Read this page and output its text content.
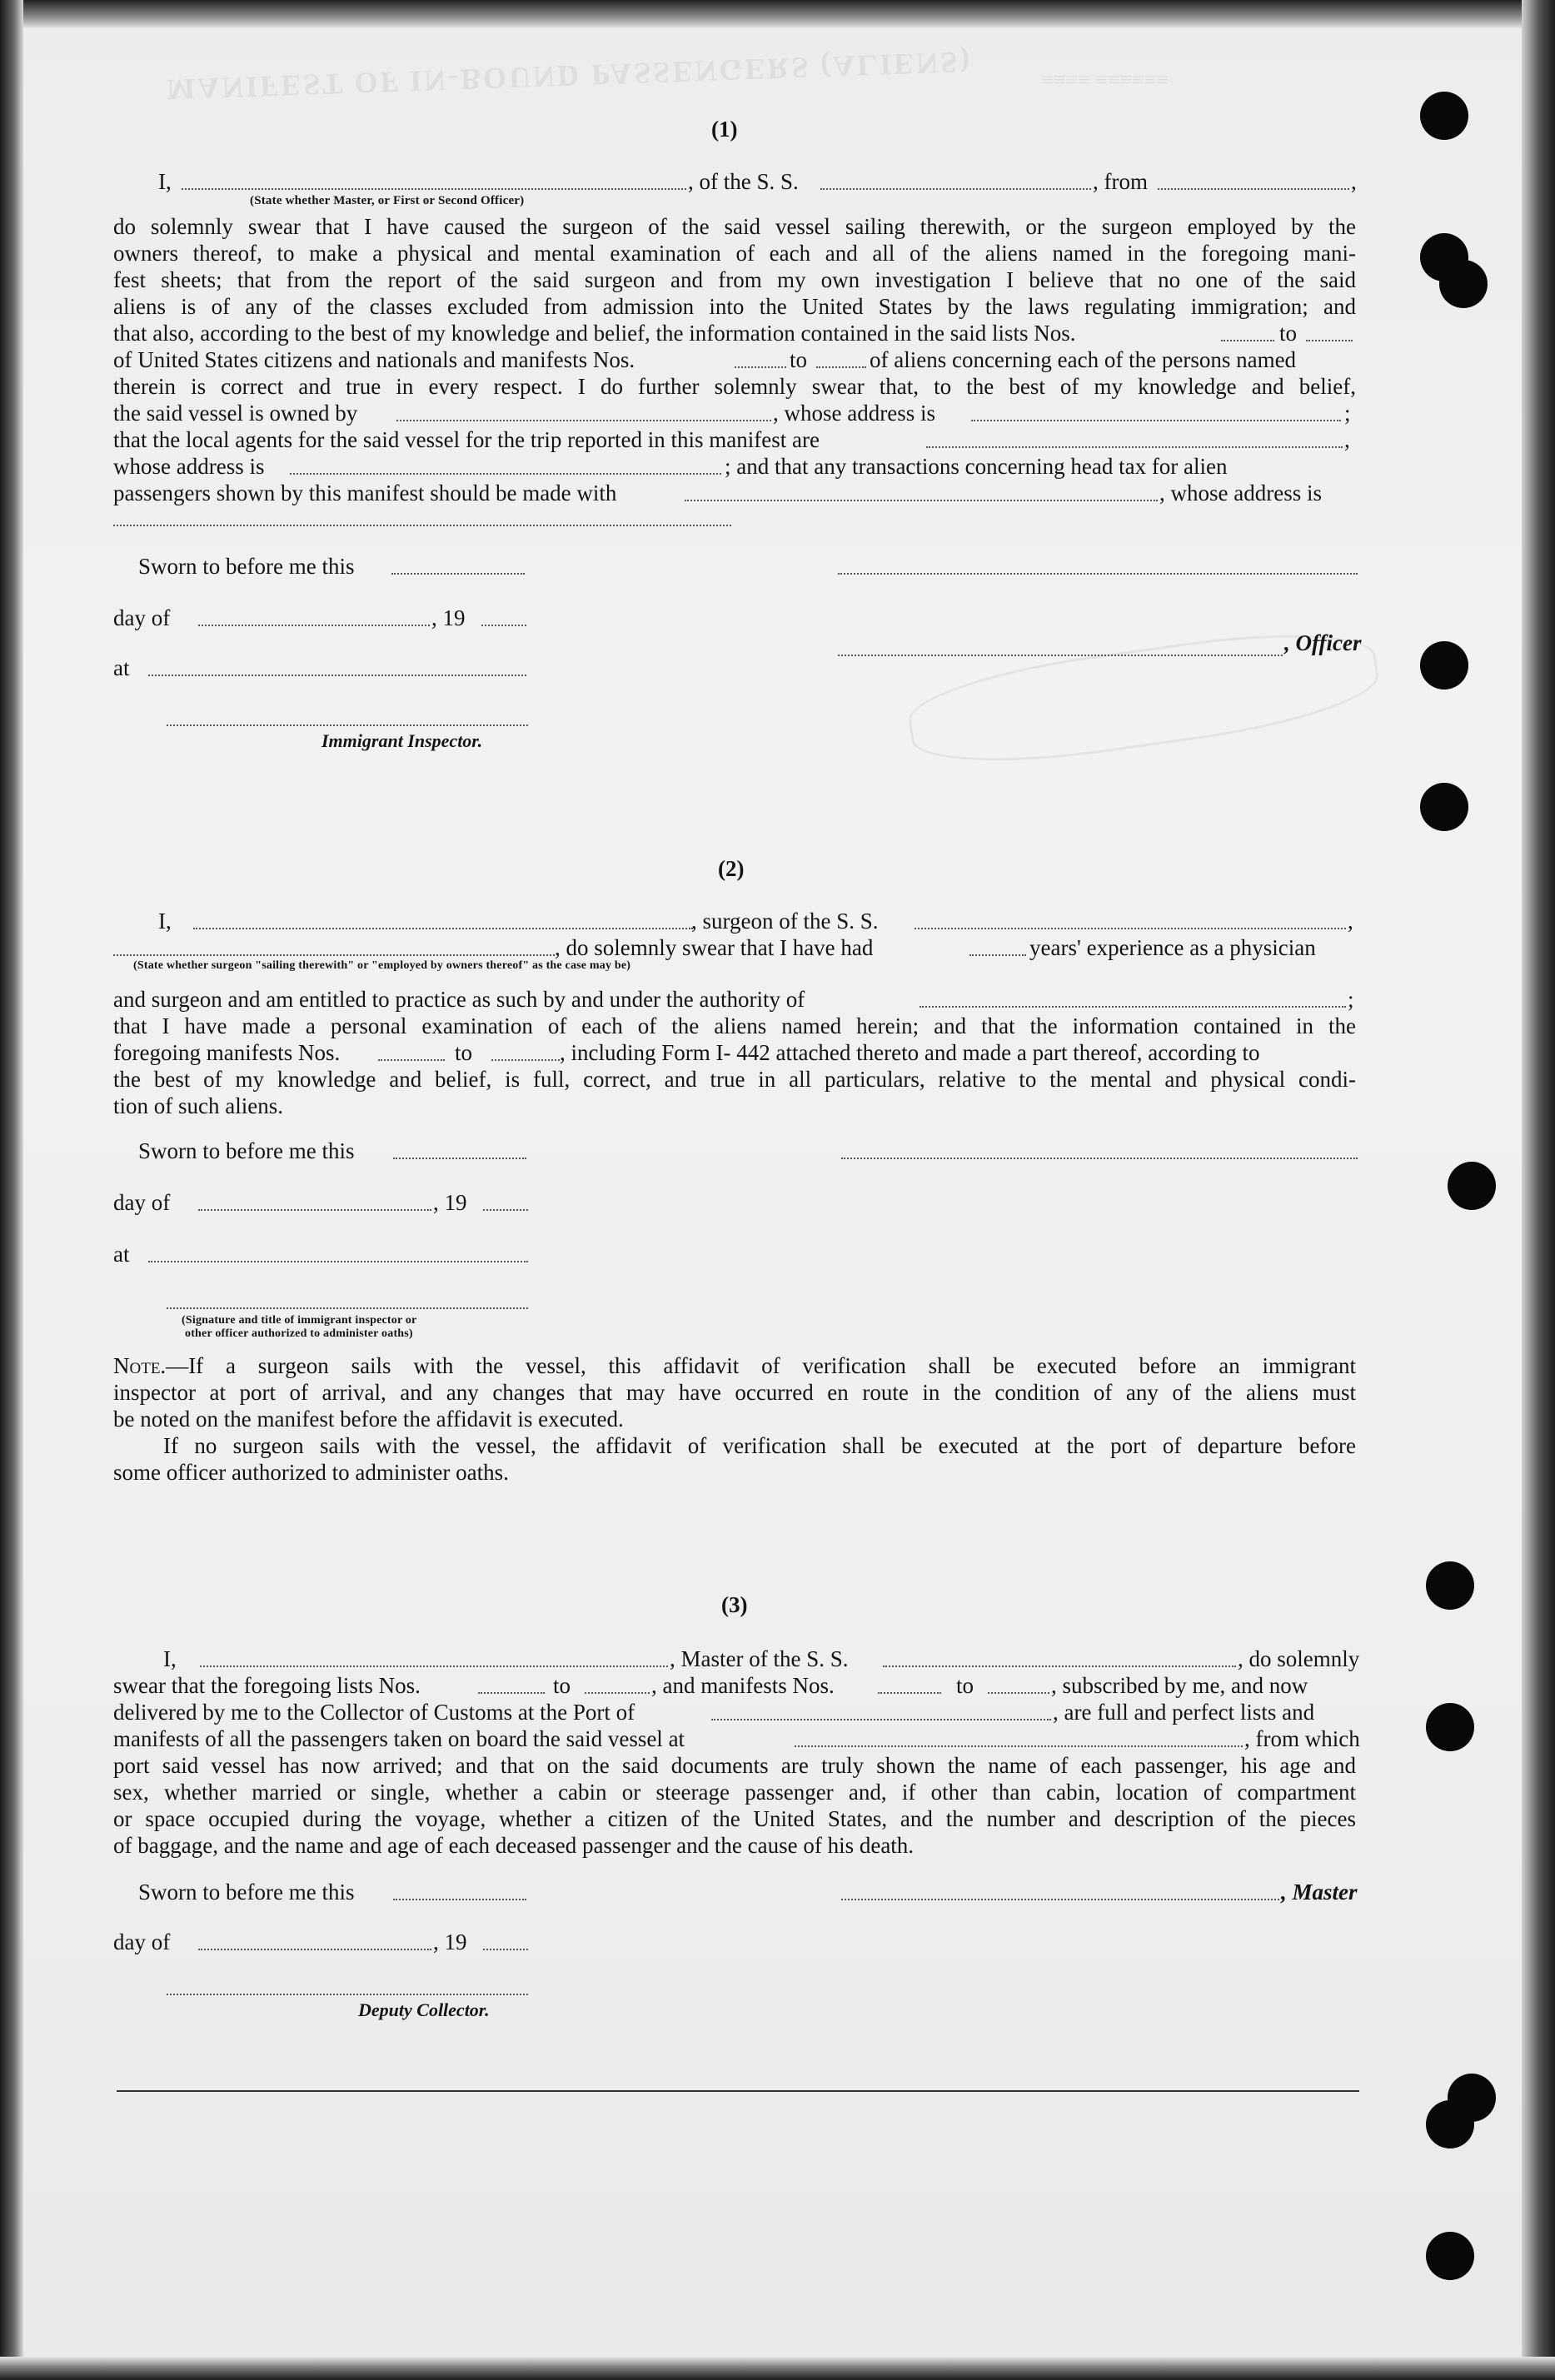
MANIFEST OF IN-BOUND PASSENGERS (ALIENS)	≡≡≡≡ ≡≡≡≡≡≡
(1)
I,	, of the S. S.	, from	,
(State whether Master, or First or Second Officer)
do solemnly swear that I have caused the surgeon of the said vessel sailing therewith, or the surgeon employed by the
owners thereof, to make a physical and mental examination of each and all of the aliens named in the foregoing mani-
fest sheets; that from the report of the said surgeon and from my own investigation I believe that no one of the said
aliens is of any of the classes excluded from admission into the United States by the laws regulating immigration; and
that also, according to the best of my knowledge and belief, the information contained in the said lists Nos.	to
of United States citizens and nationals and manifests Nos.	to	of aliens concerning each of the persons named
therein is correct and true in every respect. I do further solemnly swear that, to the best of my knowledge and belief,
the said vessel is owned by	, whose address is	;
that the local agents for the said vessel for the trip reported in this manifest are	,
whose address is	; and that any transactions concerning head tax for alien
passengers shown by this manifest should be made with	, whose address is
Sworn to before me this
day of	, 19
, Officer
at
Immigrant Inspector.
(2)
I,	, surgeon of the S. S.	,
, do solemnly swear that I have had	years' experience as a physician
(State whether surgeon "sailing therewith" or "employed by owners thereof" as the case may be)
and surgeon and am entitled to practice as such by and under the authority of	;
that I have made a personal examination of each of the aliens named herein; and that the information contained in the
foregoing manifests Nos.	to	, including Form I- 442 attached thereto and made a part thereof, according to
the best of my knowledge and belief, is full, correct, and true in all particulars, relative to the mental and physical condi-
tion of such aliens.
Sworn to before me this
day of	, 19
at
(Signature and title of immigrant inspector or
other officer authorized to administer oaths)
Note.—If a surgeon sails with the vessel, this affidavit of verification shall be executed before an immigrant
inspector at port of arrival, and any changes that may have occurred en route in the condition of any of the aliens must
be noted on the manifest before the affidavit is executed.
If no surgeon sails with the vessel, the affidavit of verification shall be executed at the port of departure before
some officer authorized to administer oaths.
(3)
I,	, Master of the S. S.	, do solemnly
swear that the foregoing lists Nos.	to	, and manifests Nos.	to	, subscribed by me, and now
delivered by me to the Collector of Customs at the Port of	, are full and perfect lists and
manifests of all the passengers taken on board the said vessel at	, from which
port said vessel has now arrived; and that on the said documents are truly shown the name of each passenger, his age and
sex, whether married or single, whether a cabin or steerage passenger and, if other than cabin, location of compartment
or space occupied during the voyage, whether a citizen of the United States, and the number and description of the pieces
of baggage, and the name and age of each deceased passenger and the cause of his death.
Sworn to before me this	, Master
day of	, 19
Deputy Collector.
